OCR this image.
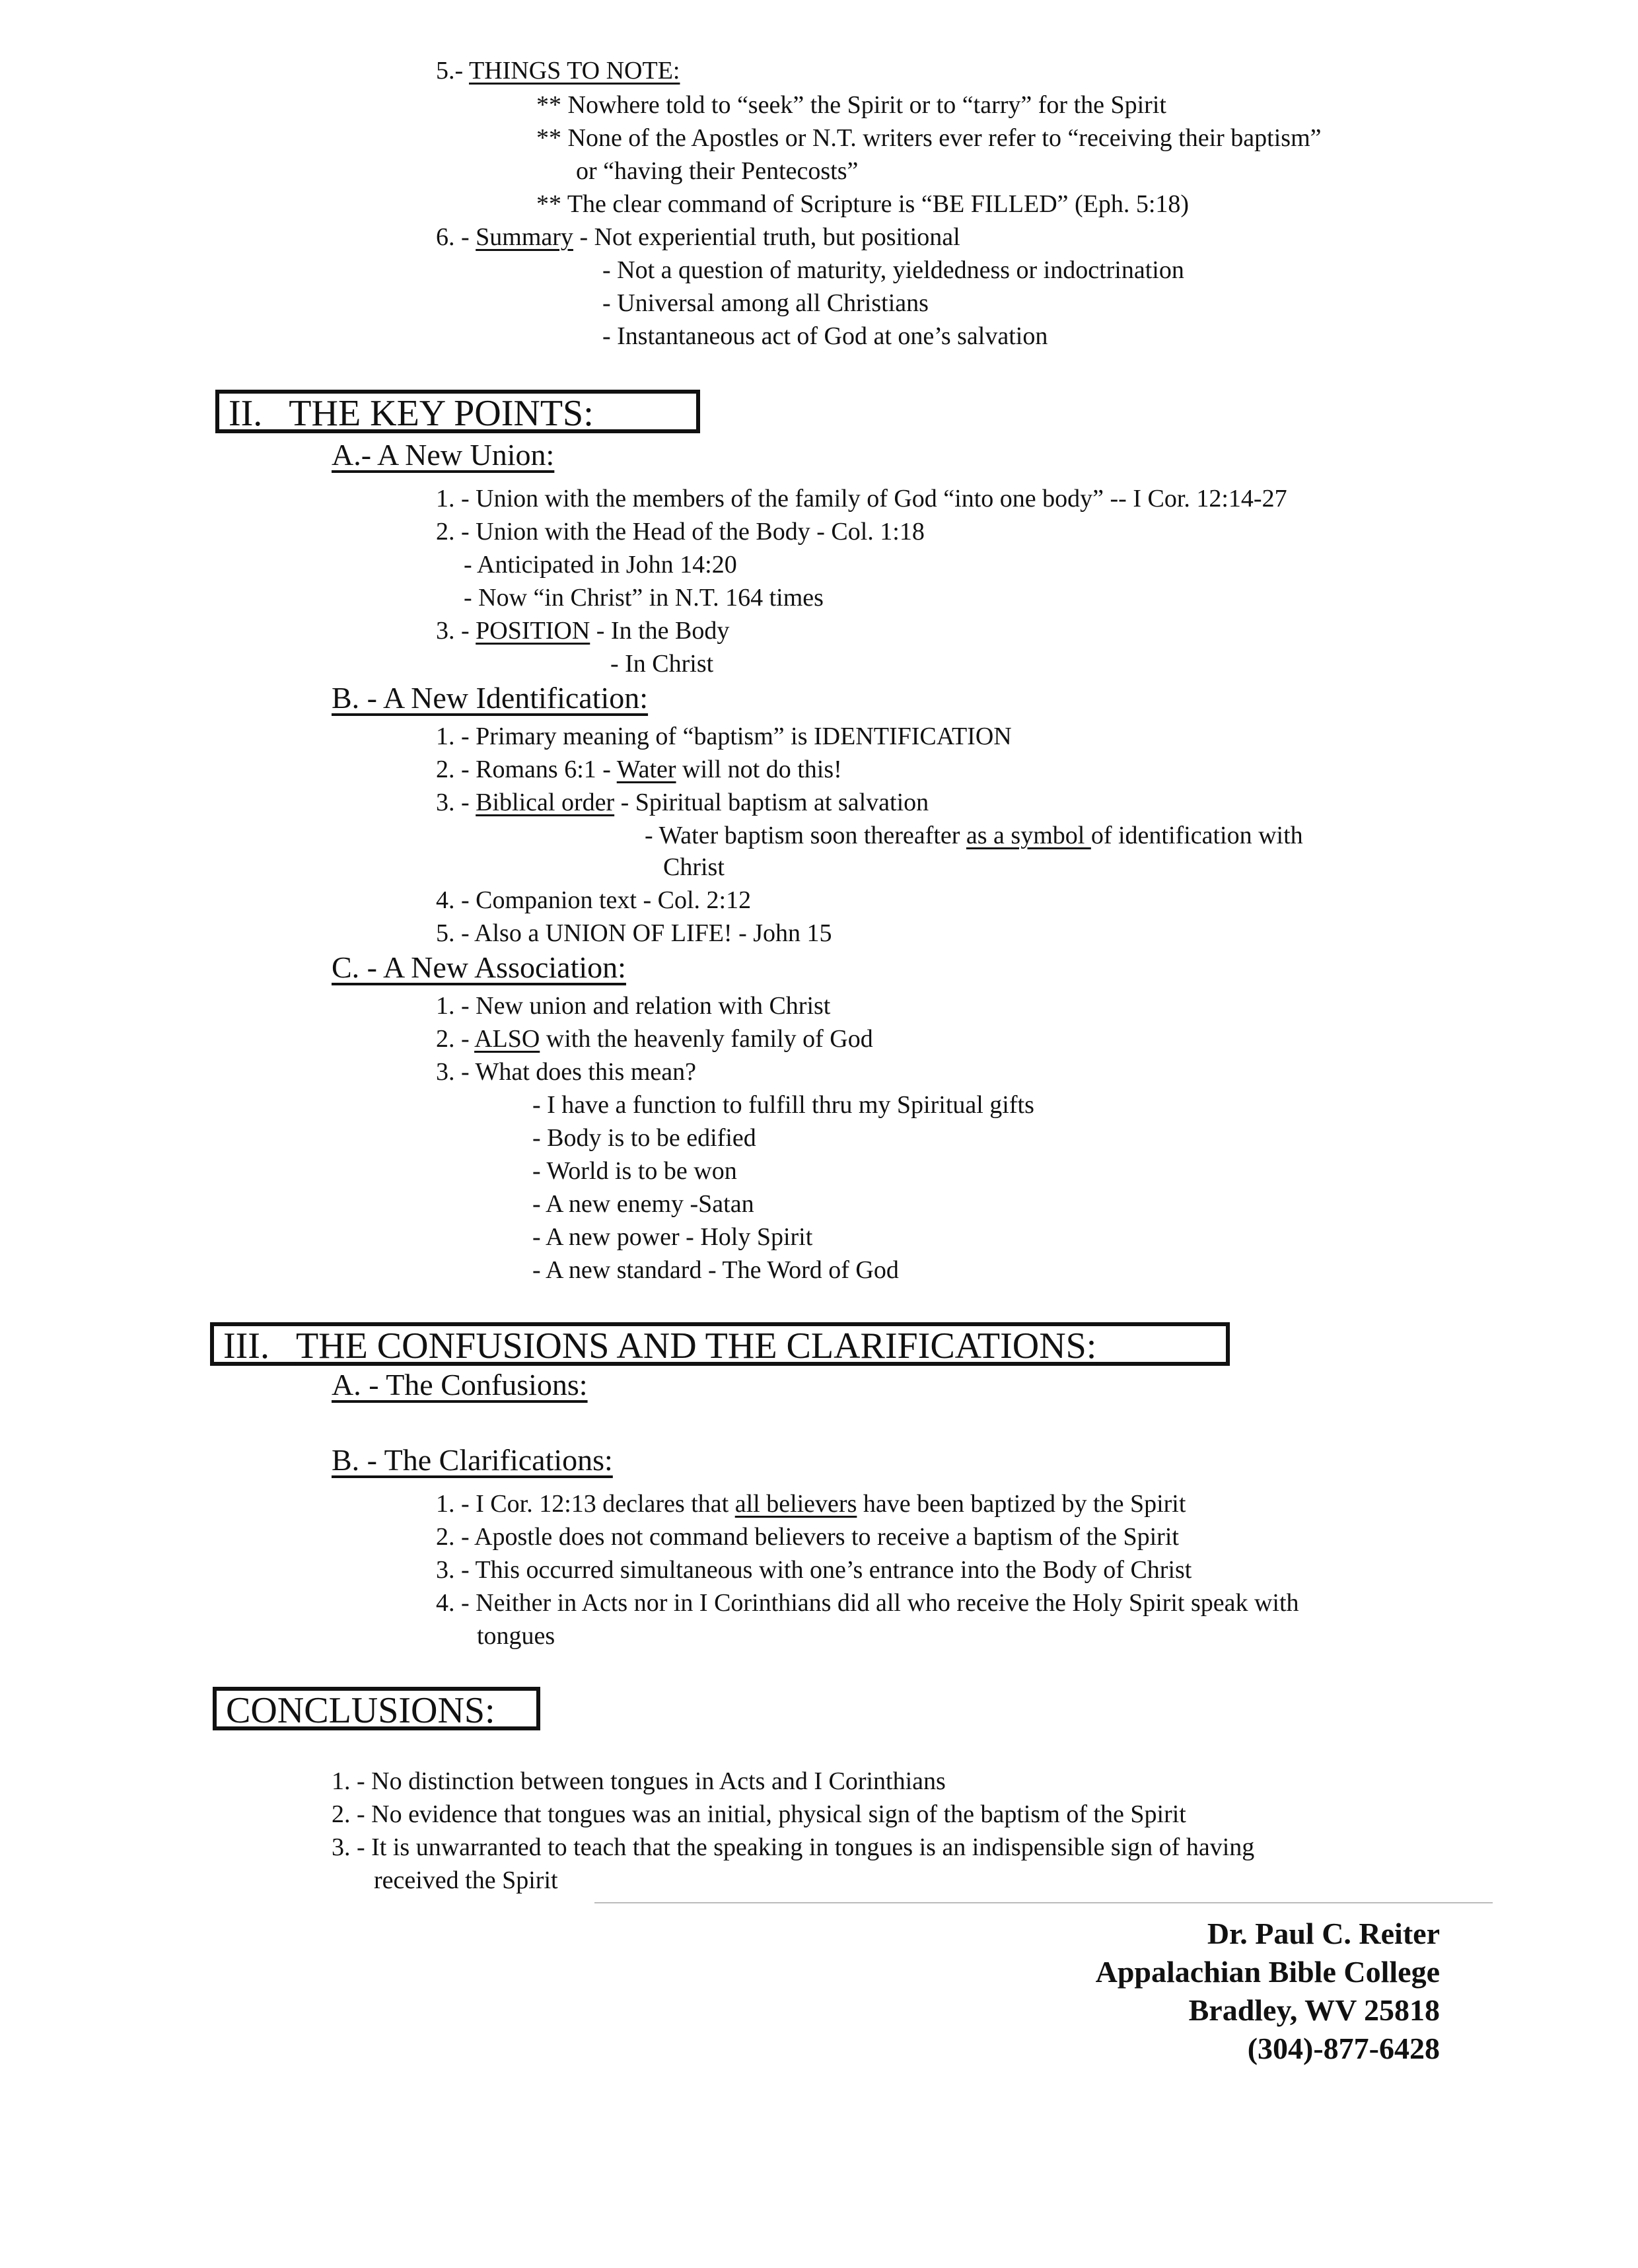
5.- THINGS TO NOTE:
** Nowhere told to “seek” the Spirit or to “tarry” for the Spirit
** None of the Apostles or N.T. writers ever refer to “receiving their baptism”
or “having their Pentecosts”
** The clear command of Scripture is “BE FILLED” (Eph. 5:18)
6. - Summary - Not experiential truth, but positional
- Not a question of maturity, yieldedness or indoctrination
- Universal among all Christians
- Instantaneous act of God at one’s salvation
II. THE KEY POINTS:
A.- A New Union:
1. - Union with the members of the family of God “into one body” -- I Cor. 12:14-27
2. - Union with the Head of the Body - Col. 1:18
- Anticipated in John 14:20
- Now “in Christ” in N.T. 164 times
3. - POSITION - In the Body
- In Christ
B. - A New Identification:
1. - Primary meaning of “baptism” is IDENTIFICATION
2. - Romans 6:1 - Water will not do this!
3. - Biblical order - Spiritual baptism at salvation
- Water baptism soon thereafter as a symbol of identification with
Christ
4. - Companion text - Col. 2:12
5. - Also a UNION OF LIFE! - John 15
C. - A New Association:
1. - New union and relation with Christ
2. - ALSO with the heavenly family of God
3. - What does this mean?
- I have a function to fulfill thru my Spiritual gifts
- Body is to be edified
- World is to be won
- A new enemy -Satan
- A new power - Holy Spirit
- A new standard - The Word of God
III. THE CONFUSIONS AND THE CLARIFICATIONS:
A. - The Confusions:
B. - The Clarifications:
1. - I Cor. 12:13 declares that all believers have been baptized by the Spirit
2. - Apostle does not command believers to receive a baptism of the Spirit
3. - This occurred simultaneous with one’s entrance into the Body of Christ
4. - Neither in Acts nor in I Corinthians did all who receive the Holy Spirit speak with
tongues
CONCLUSIONS:
1. - No distinction between tongues in Acts and I Corinthians
2. - No evidence that tongues was an initial, physical sign of the baptism of the Spirit
3. - It is unwarranted to teach that the speaking in tongues is an indispensible sign of having
received the Spirit
Dr. Paul C. Reiter
Appalachian Bible College
Bradley, WV 25818
(304)-877-6428
